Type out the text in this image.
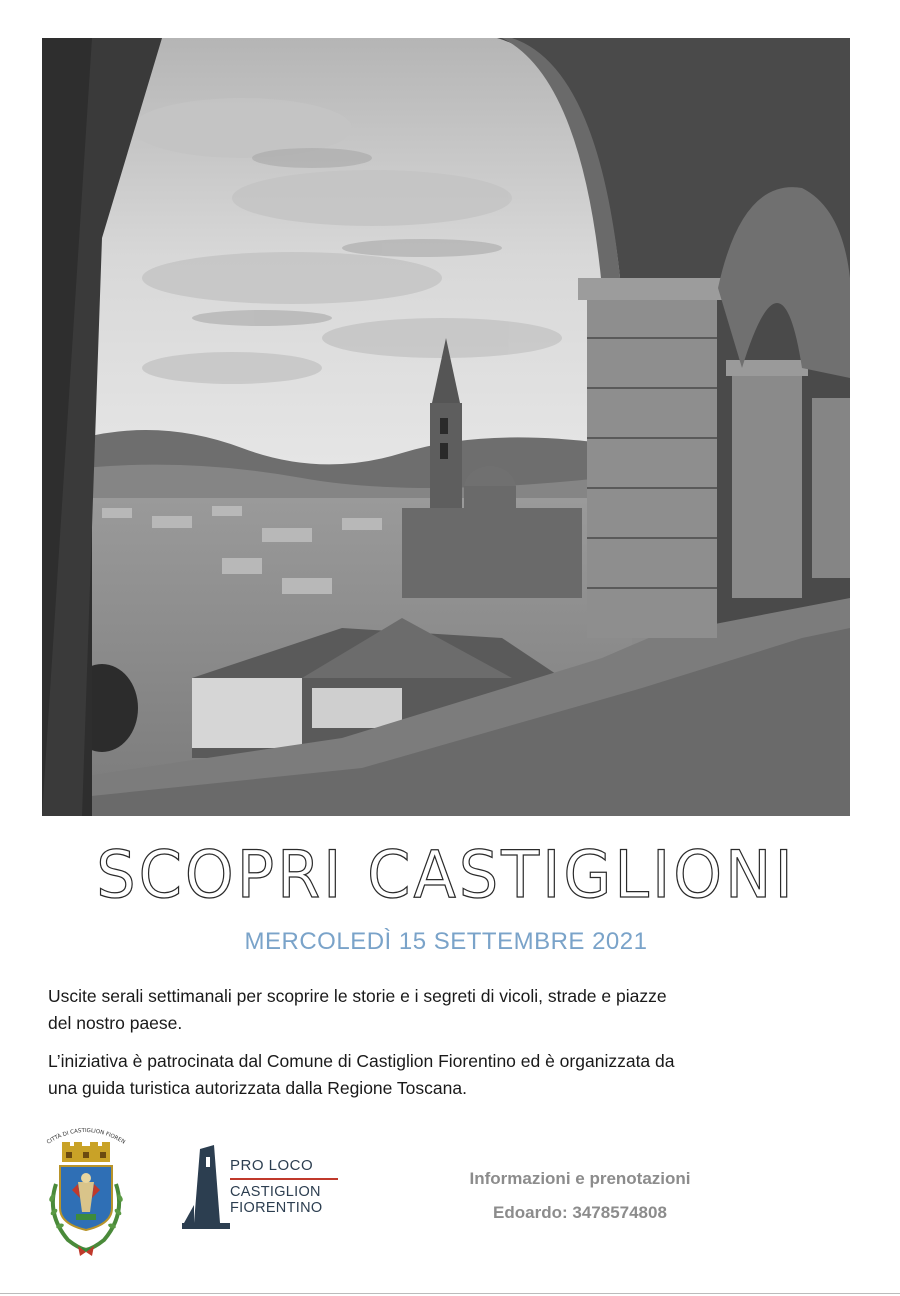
SCOPRI CASTIGLIONI
MERCOLEDÌ 15 SETTEMBRE 2021
Uscite serali settimanali per scoprire le storie e i segreti di vicoli, strade e piazze
del nostro paese.
L’iniziativa è patrocinata dal Comune di Castiglion Fiorentino ed è organizzata da
una guida turistica autorizzata dalla Regione Toscana.
CITTÀ DI CASTIGLION FIOREN
PRO LOCO
CASTIGLION
FIORENTINO
Informazioni e prenotazioni
Edoardo: 3478574808
